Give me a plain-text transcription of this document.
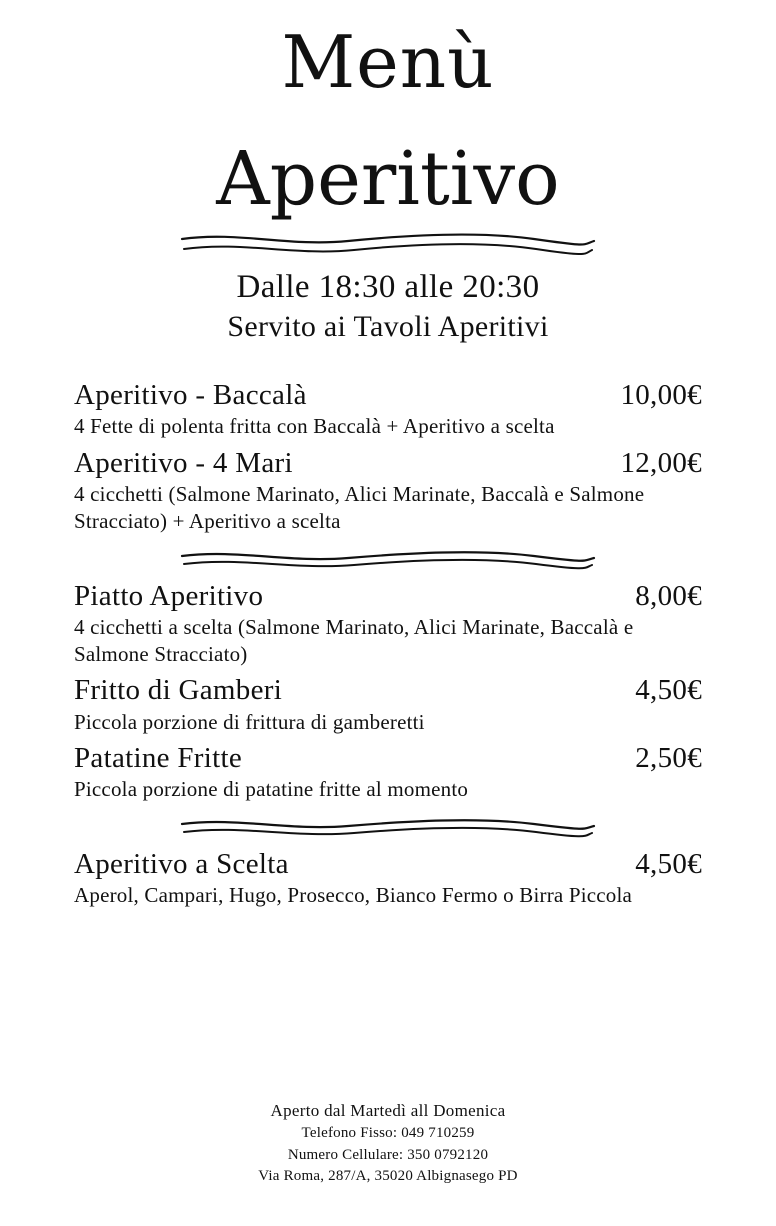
Menù
Aperitivo
Dalle 18:30 alle 20:30
Servito ai Tavoli Aperitivi
Aperitivo - Baccalà	10,00€
4 Fette di polenta fritta con Baccalà + Aperitivo a scelta
Aperitivo - 4 Mari	12,00€
4 cicchetti (Salmone Marinato, Alici Marinate, Baccalà e Salmone Stracciato) + Aperitivo a scelta
Piatto Aperitivo	8,00€
4 cicchetti a scelta (Salmone Marinato, Alici Marinate, Baccalà e Salmone Stracciato)
Fritto di Gamberi	4,50€
Piccola porzione di frittura di gamberetti
Patatine Fritte	2,50€
Piccola porzione di patatine fritte al momento
Aperitivo a Scelta	4,50€
Aperol, Campari, Hugo, Prosecco, Bianco Fermo o Birra Piccola
Aperto dal Martedì all Domenica
Telefono Fisso: 049 710259
Numero Cellulare: 350 0792120
Via Roma, 287/A, 35020 Albignasego PD
